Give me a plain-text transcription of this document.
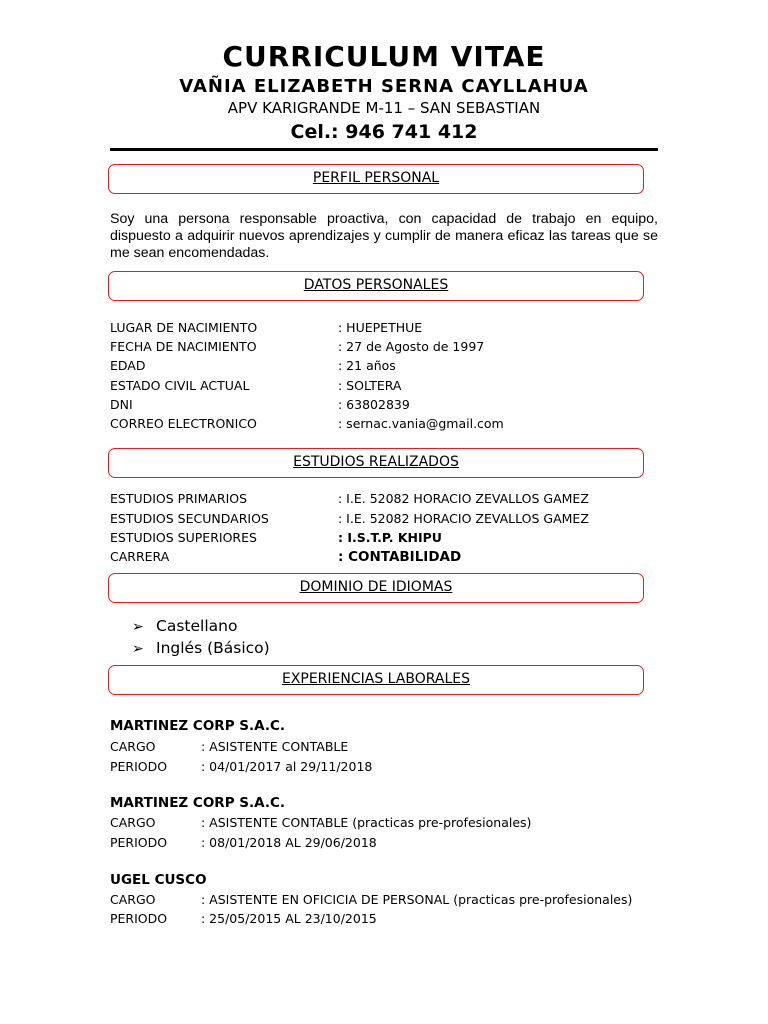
CURRICULUM VITAE
VAÑIA ELIZABETH SERNA CAYLLAHUA
APV KARIGRANDE M-11 – SAN SEBASTIAN
Cel.: 946 741 412
PERFIL PERSONAL
Soy una persona responsable proactiva, con capacidad de trabajo en equipo, dispuesto a adquirir nuevos aprendizajes y cumplir de manera eficaz las tareas que se me sean encomendadas.
DATOS PERSONALES
LUGAR DE NACIMIENTO	: HUEPETHUE
FECHA DE NACIMIENTO	: 27 de Agosto de 1997
EDAD	: 21 años
ESTADO CIVIL ACTUAL	: SOLTERA
DNI	: 63802839
CORREO ELECTRONICO	: sernac.vania@gmail.com
ESTUDIOS REALIZADOS
ESTUDIOS PRIMARIOS	: I.E. 52082 HORACIO ZEVALLOS GAMEZ
ESTUDIOS SECUNDARIOS	: I.E. 52082 HORACIO ZEVALLOS GAMEZ
ESTUDIOS SUPERIORES	: I.S.T.P. KHIPU
CARRERA	: CONTABILIDAD
DOMINIO DE IDIOMAS
➢ Castellano
➢ Inglés (Básico)
EXPERIENCIAS LABORALES
MARTINEZ CORP S.A.C.
CARGO	: ASISTENTE CONTABLE
PERIODO	: 04/01/2017 al 29/11/2018
MARTINEZ CORP S.A.C.
CARGO	: ASISTENTE CONTABLE (practicas pre-profesionales)
PERIODO	: 08/01/2018 AL 29/06/2018
UGEL CUSCO
CARGO	: ASISTENTE EN OFICICIA DE PERSONAL (practicas pre-profesionales)
PERIODO	: 25/05/2015 AL 23/10/2015
